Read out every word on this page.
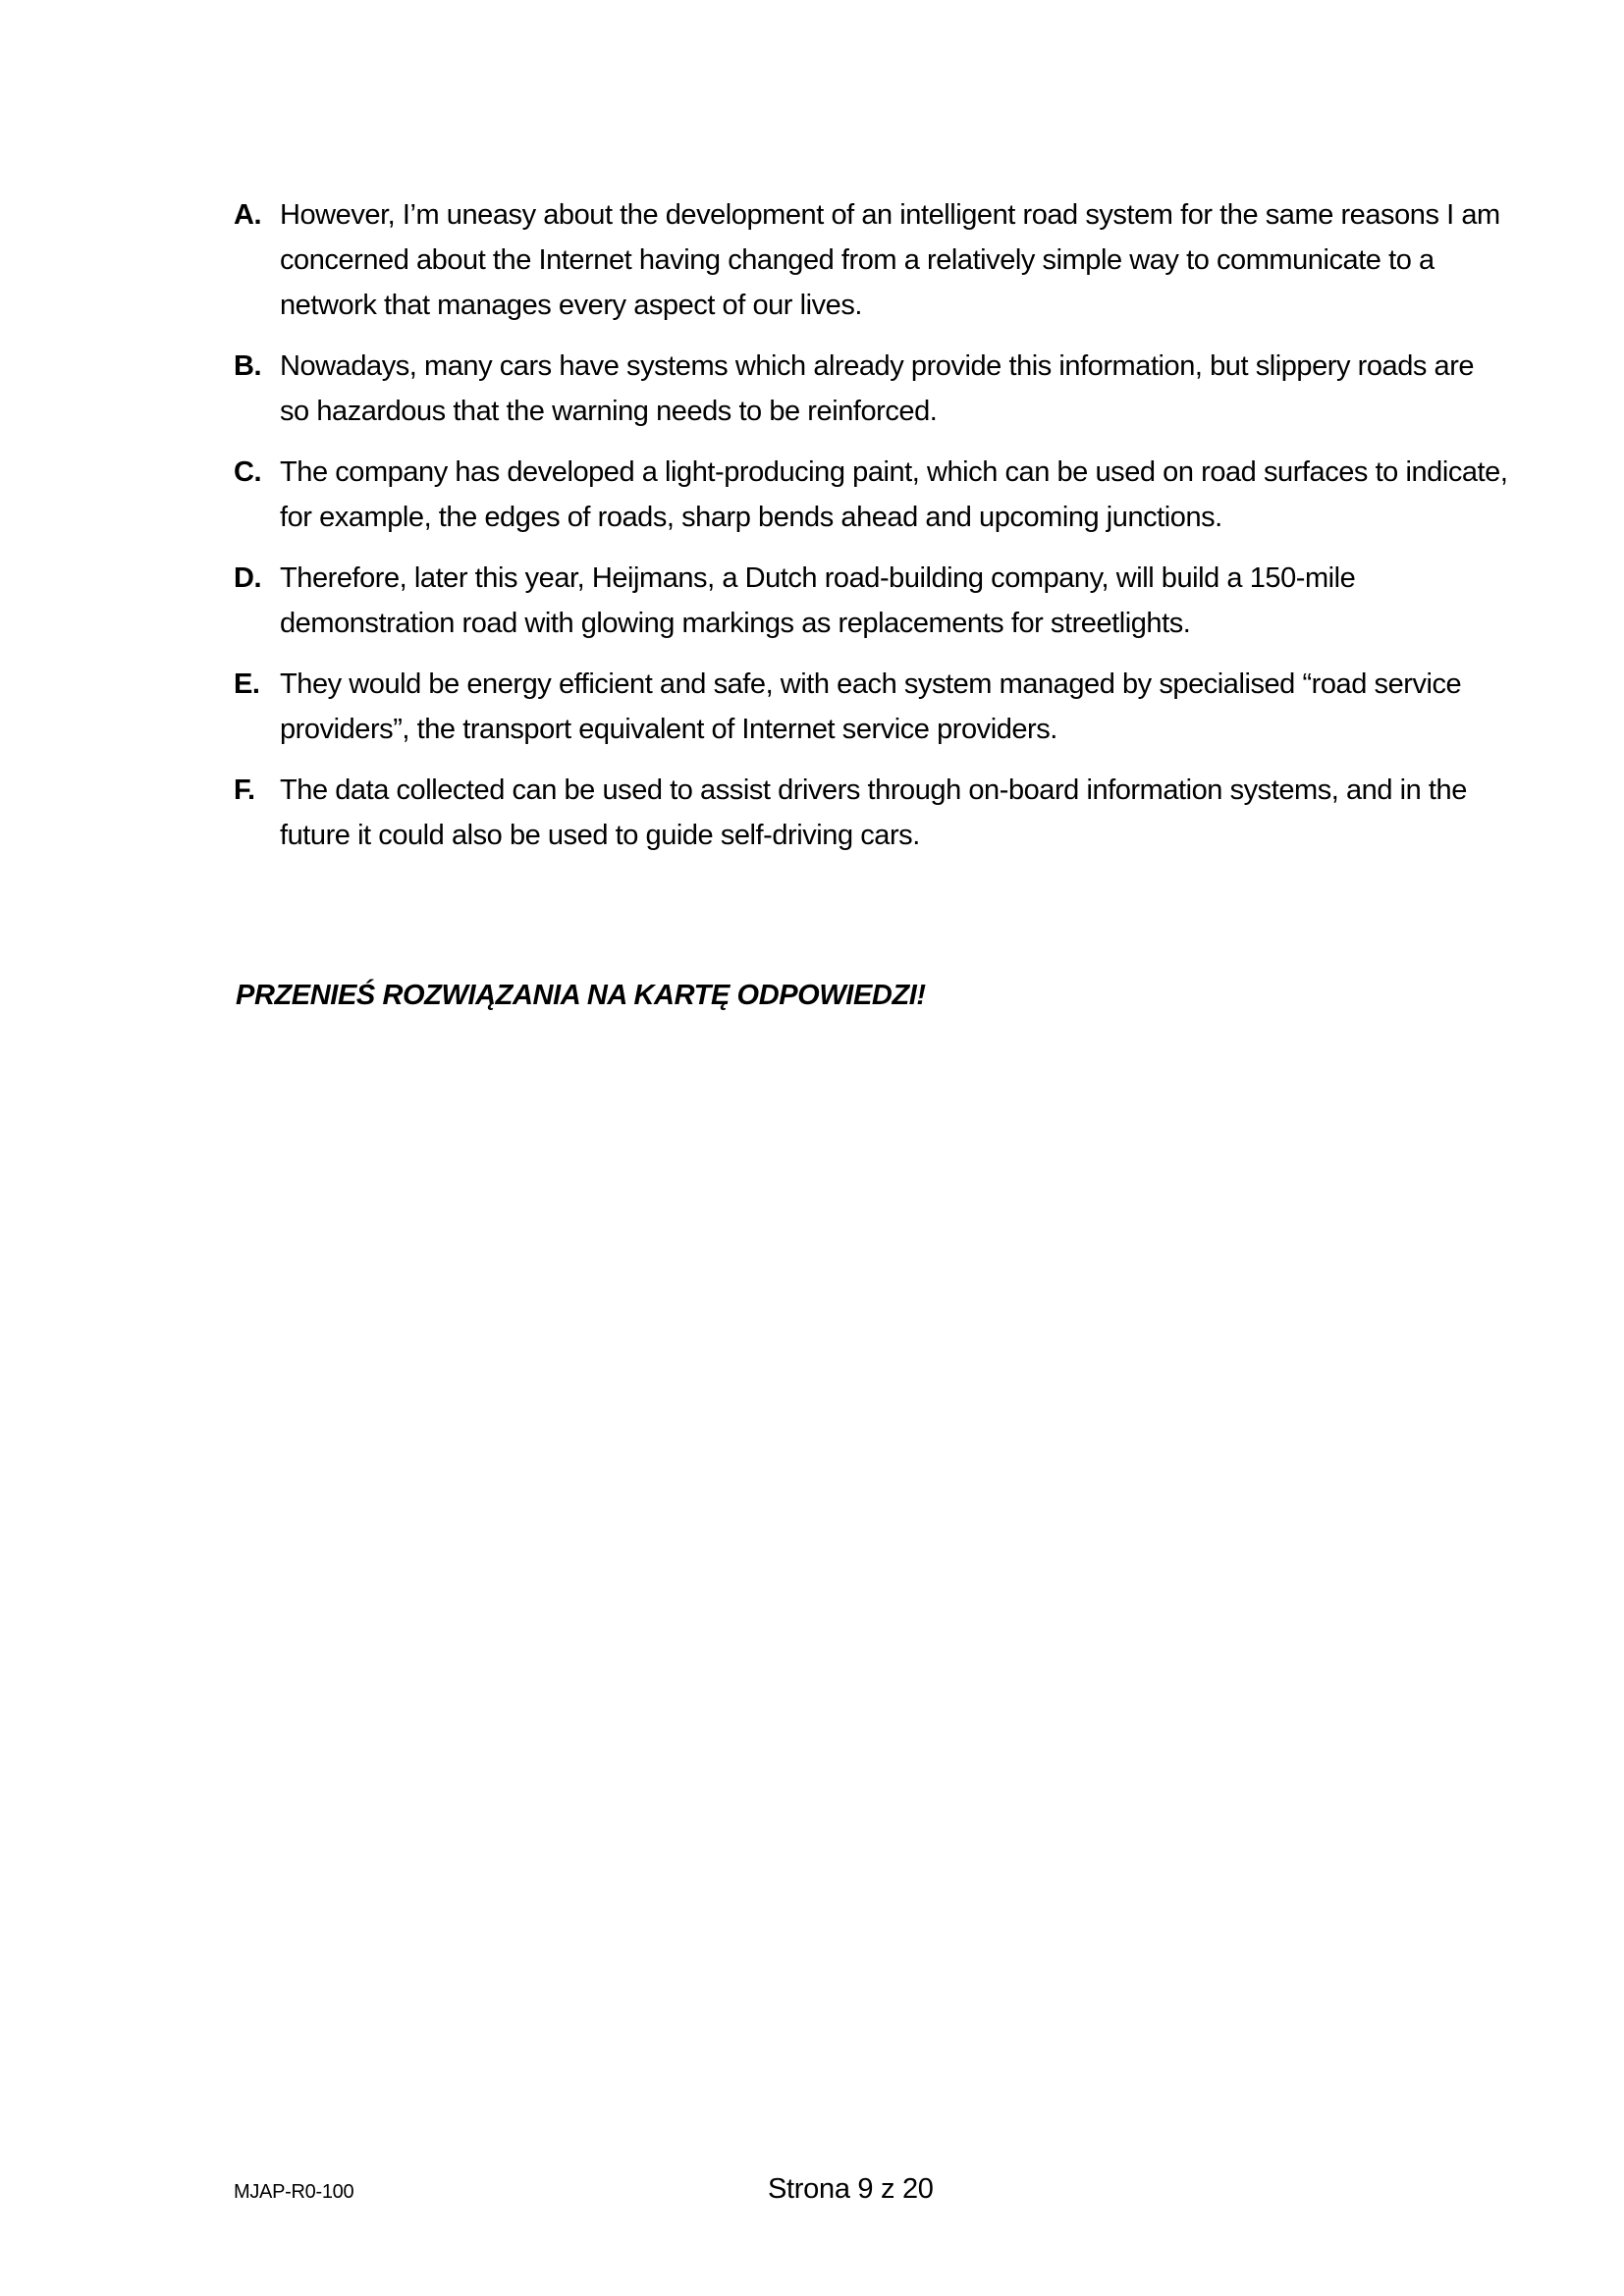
A. However, I’m uneasy about the development of an intelligent road system for the same reasons I am concerned about the Internet having changed from a relatively simple way to communicate to a network that manages every aspect of our lives.
B. Nowadays, many cars have systems which already provide this information, but slippery roads are so hazardous that the warning needs to be reinforced.
C. The company has developed a light-producing paint, which can be used on road surfaces to indicate, for example, the edges of roads, sharp bends ahead and upcoming junctions.
D. Therefore, later this year, Heijmans, a Dutch road-building company, will build a 150-mile demonstration road with glowing markings as replacements for streetlights.
E. They would be energy efficient and safe, with each system managed by specialised “road service providers”, the transport equivalent of Internet service providers.
F. The data collected can be used to assist drivers through on-board information systems, and in the future it could also be used to guide self-driving cars.
PRZENIEŚ ROZWIĄZANIA NA KARTĘ ODPOWIEDZI!
MJAP-R0-100	Strona 9 z 20
